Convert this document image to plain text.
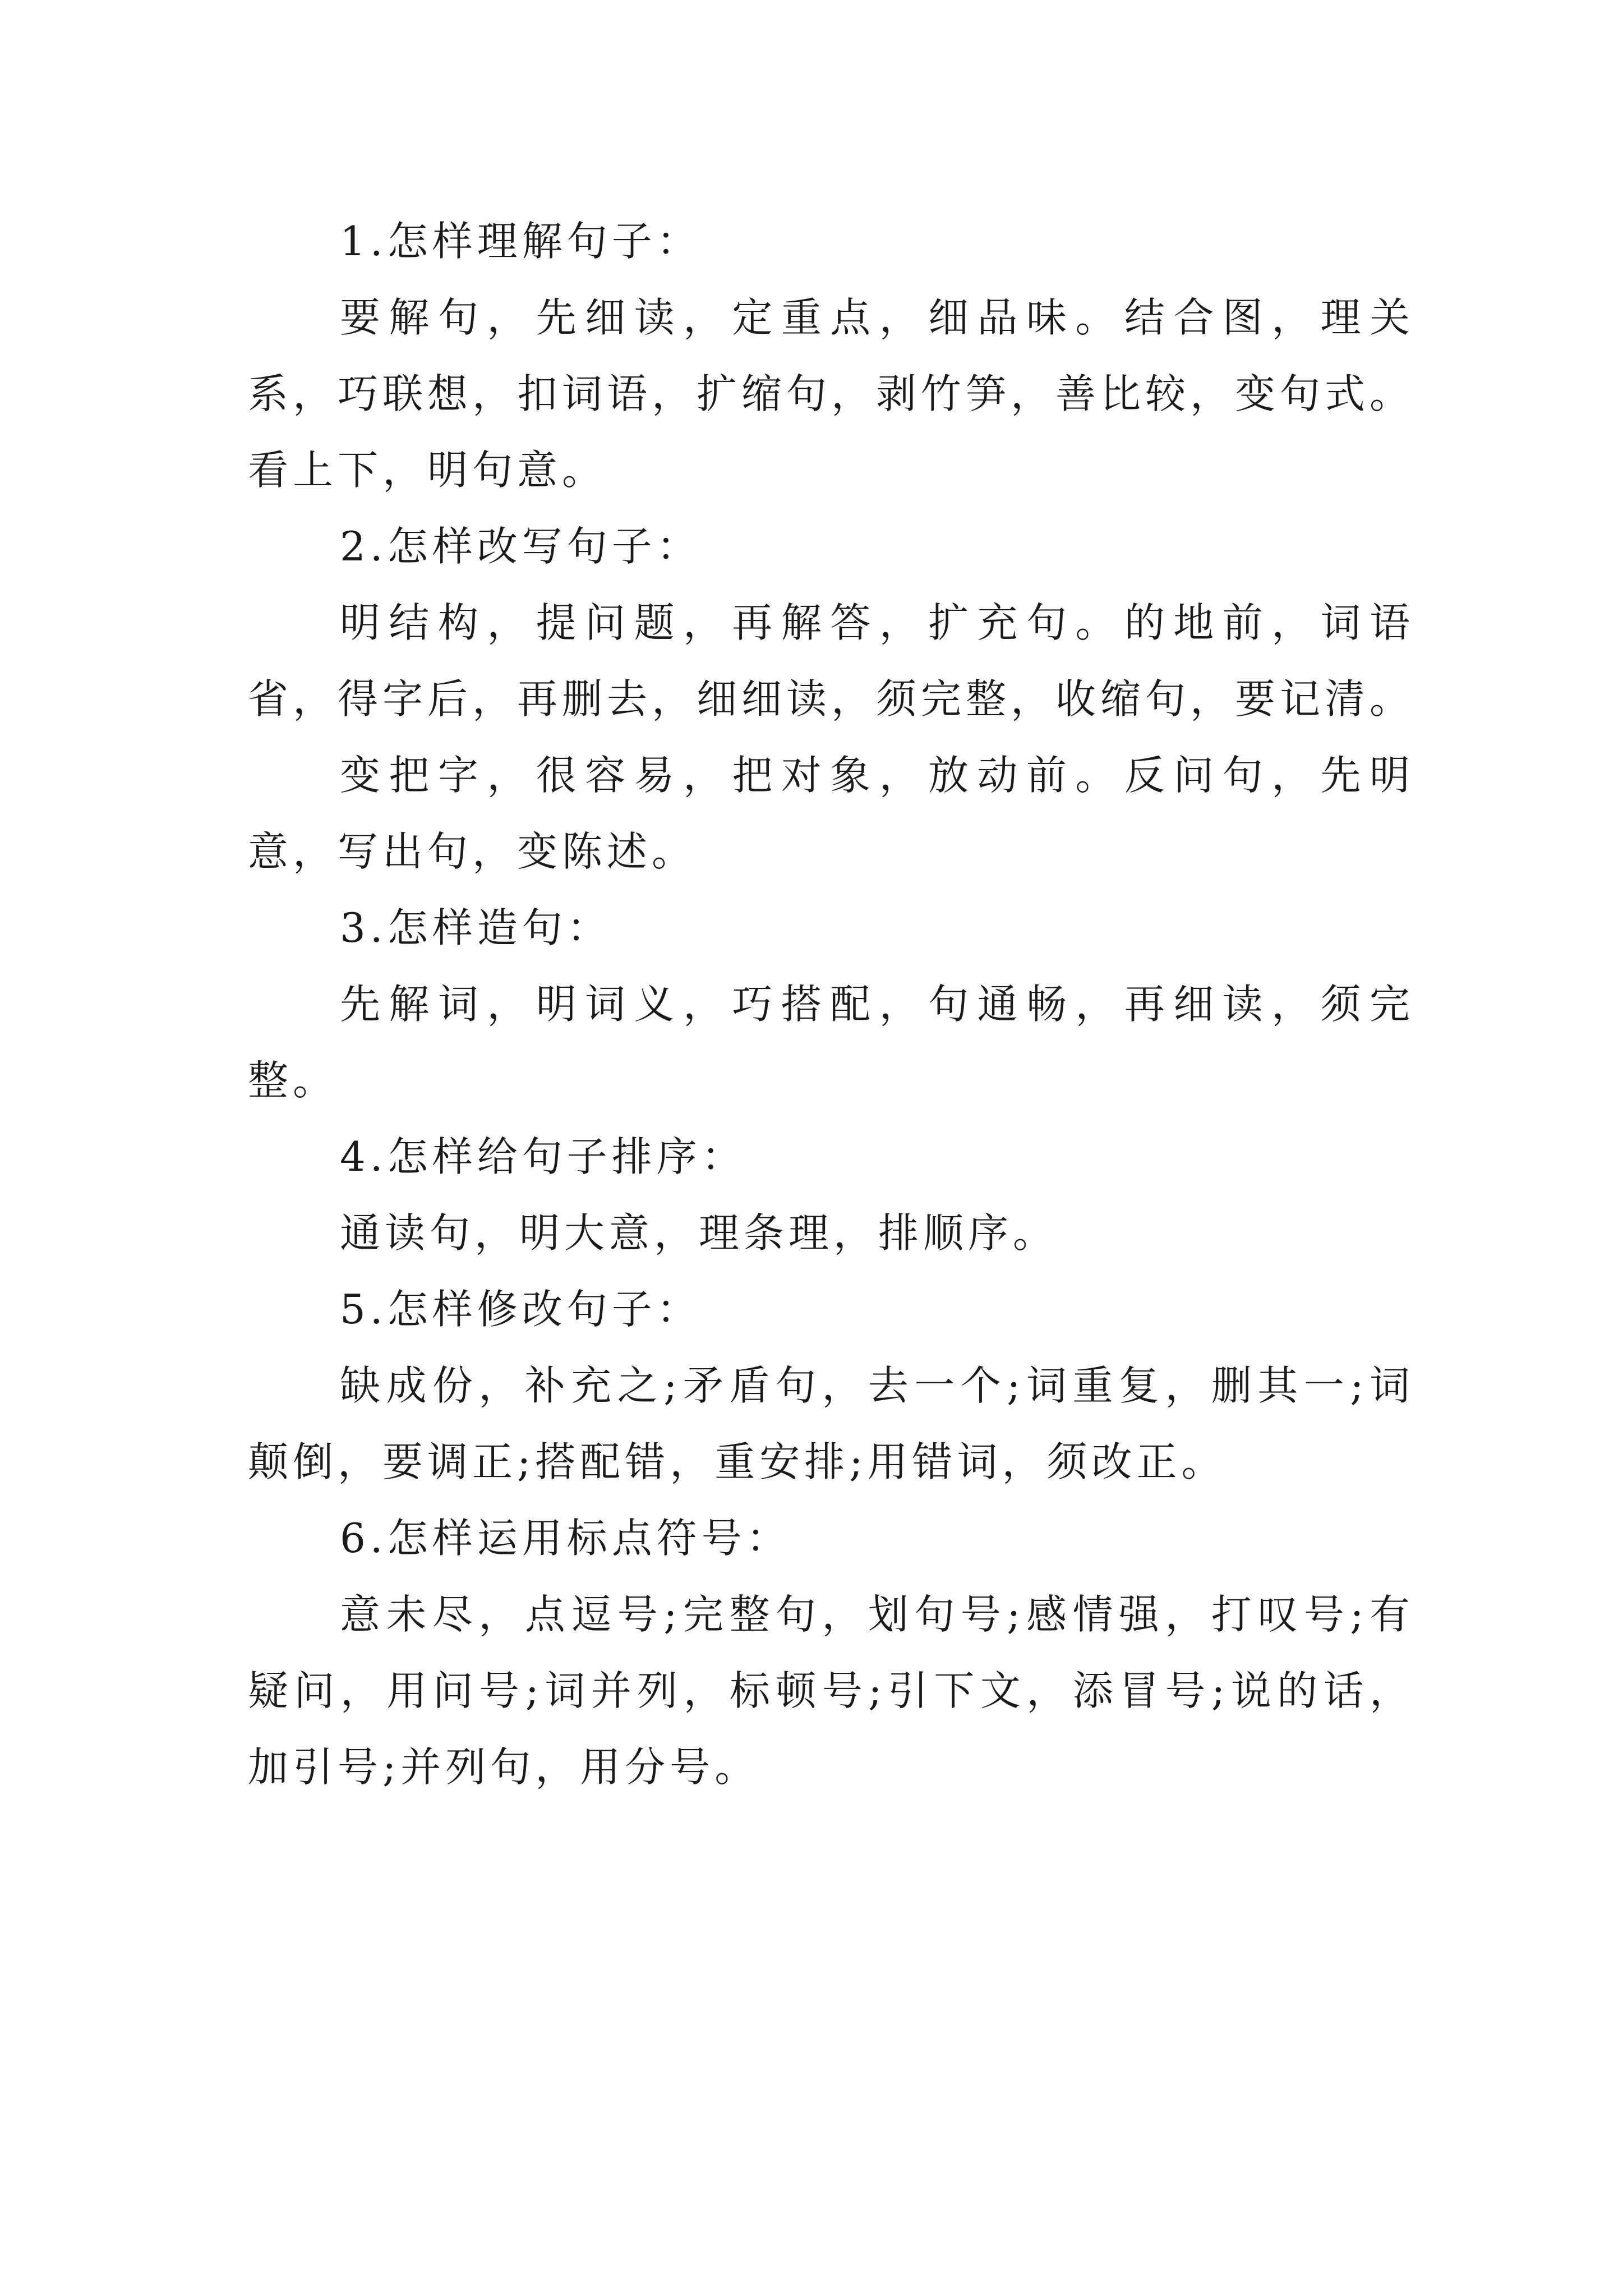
1.怎样理解句子：

要解句，先细读，定重点，细品味。结合图，理关系，巧联想，扣词语，扩缩句，剥竹笋，善比较，变句式。看上下，明句意。

2.怎样改写句子：

明结构，提问题，再解答，扩充句。的地前，词语省，得字后，再删去，细细读，须完整，收缩句，要记清。

变把字，很容易，把对象，放动前。反问句，先明意，写出句，变陈述。

3.怎样造句：

先解词，明词义，巧搭配，句通畅，再细读，须完整。

4.怎样给句子排序：

通读句，明大意，理条理，排顺序。

5.怎样修改句子：

缺成份，补充之;矛盾句，去一个;词重复，删其一;词颠倒，要调正;搭配错，重安排;用错词，须改正。

6.怎样运用标点符号：

意未尽，点逗号;完整句，划句号;感情强，打叹号;有疑问，用问号;词并列，标顿号;引下文，添冒号;说的话，加引号;并列句，用分号。
